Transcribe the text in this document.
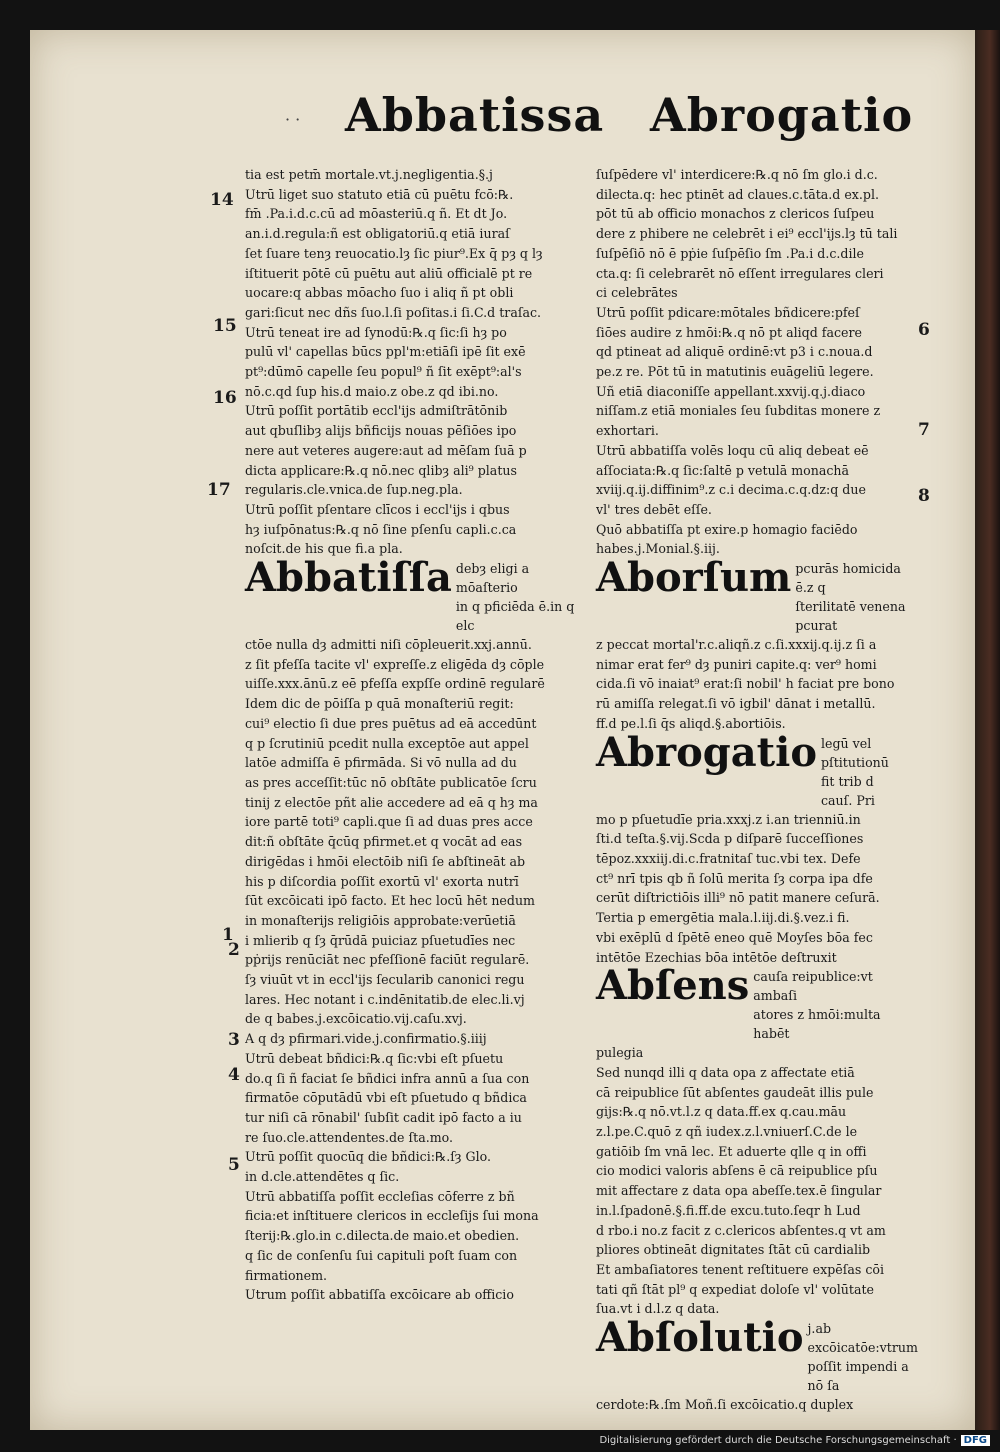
· · Abbatissa Abrogatio
14
15
16
17
1
2
3
4
5
6
7
8

tia est petm̄ mortale.vt.j.negligentia.§.j

Utrū liget suo statuto etiā cū puētu fcō:℞.

fm̄ .Pa.i.d.c.cū ad mōasteriū.q ñ. Et dt Jo.

an.i.d.regula:ñ est obligatoriū.q etiā iuraſ

ſet ſuare tenȝ reuocatio.lȝ ſic piur⁹.Ex q̄ pȝ q lȝ

iſtituerit pōtē cū puētu aut aliū officialē pt re

uocare:q abbas mōacho ſuo i aliq ñ pt obli

gari:ſicut nec dñs ſuo.l.ſi poſitas.i ſi.C.d traſac.

Utrū teneat ire ad ſynodū:℞.q ſic:ſi hȝ po

pulū vl' capellas būcs ppl'm:etiāſi ipē ſit exē

pt⁹:dūmō capelle ſeu popul⁹ ñ ſit exēpt⁹:al's

nō.c.qd ſup his.d maio.z obe.z qd ibi.no.

Utrū poſſit portātib eccl'ijs admiſtrātōnib

aut qbuſlibȝ alijs bñficijs nouas pēſiōes ipo

nere aut veteres augere:aut ad mēſam ſuā p

dicta applicare:℞.q nō.nec qlibȝ ali⁹ platus

regularis.cle.vnica.de ſup.neg.pla.

Utrū poſſit pſentare clīcos i eccl'ijs i qbus

hȝ iuſpōnatus:℞.q nō ſine pſenſu capli.c.ca

noſcit.de his que fi.a pla.

Abbatiſſa debȝ eligi a mōaſterio
in q pficiēda ē.in q elc

ctōe nulla dȝ admitti niſi cōpleuerit.xxj.annū.

z ſit pfeſſa tacite vl' expreſſe.z eligēda dȝ cōple

uiſſe.xxx.ānū.z eē pfeſſa expſſe ordinē regularē

Idem dic de pōiſſa p quā monaſteriū regit:

cui⁹ electio ſi due pres puētus ad eā accedūnt

q p ſcrutiniū pcedit nulla exceptōe aut appel

latōe admiſſa ē pfirmāda. Si vō nulla ad du

as pres acceſſit:tūc nō obſtāte publicatōe ſcru

tinij z electōe pñt alie accedere ad eā q hȝ ma

iore partē toti⁹ capli.que ſi ad duas pres acce

dit:ñ obſtāte q̄cūq pfirmet.et q vocāt ad eas

dirigēdas i hmōi electōib niſi ſe abſtineāt ab

his p diſcordia poſſit exortū vl' exorta nutrī

ſūt excōicati ipō facto. Et hec locū hēt nedum

in monaſterijs religiōis approbate:verūetiā

i mlierib q ſȝ q̄rūdā puiciaz pſuetudīes nec

pṗrijs renūciāt nec pfeſſionē faciūt regularē.

ſȝ viuūt vt in eccl'ijs ſecularib canonici regu

lares. Hec notant i c.indēnitatib.de elec.li.vj

de q babes.j.excōicatio.vij.caſu.xvj.

A q dȝ pfirmari.vide.j.confirmatio.§.iiij

Utrū debeat bñdici:℞.q ſic:vbi eſt pſuetu

do.q ſi ñ faciat ſe bñdici infra annū a ſua con

firmatōe cōputādū vbi eſt pſuetudo q bñdica

tur niſi cā rōnabil' ſubſit cadit ipō facto a iu

re ſuo.cle.attendentes.de ſta.mo.

Utrū poſſit quocūq die bñdici:℞.ſȝ Glo.

in d.cle.attendētes q ſic.

Utrū abbatiſſa poſſit eccleſias cōferre z bñ

ficia:et inſtituere clericos in eccleſijs ſui mona

ſterij:℞.glo.in c.dilecta.de maio.et obedien.

q ſic de conſenſu ſui capituli poſt ſuam con

firmationem.

Utrum poſſit abbatiſſa excōicare ab officio

ſuſpēdere vl' interdicere:℞.q nō ſm glo.i d.c.

dilecta.q: hec ptinēt ad claues.c.tāta.d ex.pl.

pōt tū ab officio monachos z clericos ſuſpeu

dere z phibere ne celebrēt i ei⁹ eccl'ijs.lȝ tū tali

ſuſpēſiō nō ē pṗie ſuſpēſio ſm .Pa.i d.c.dile

cta.q: ſi celebrarēt nō eſſent irregulares cleri

ci celebrātes

Utrū poſſit pdicare:mōtales bñdicere:pfeſ

ſiōes audire z hmōi:℞.q nō pt aliqd facere

qd ptineat ad aliquē ordinē:vt p3 i c.noua.d

pe.z re. Pōt tū in matutinis euāgeliū legere.

Uñ etiā diaconiſſe appellant.xxvij.q.j.diaco

niſſam.z etiā moniales ſeu ſubditas monere z

exhortari.

Utrū abbatiſſa volēs loqu cū aliq debeat eē

aſſociata:℞.q ſic:ſaltē p vetulā monachā

xviij.q.ij.diffinim⁹.z c.i decima.c.q.dz:q due

vl' tres debēt eſſe.

Quō abbatiſſa pt exire.p homagio faciēdo

habes.j.Monial.§.iij.

Aborſum pcurās homicida ē.z q
ſterilitatē venena pcurat

z peccat mortal'r.c.aliqñ.z c.ſi.xxxij.q.ij.z ſi a

nimar erat fer⁹ dȝ puniri capite.q: ver⁹ homi

cida.ſi vō inaiat⁹ erat:ſi nobil' h faciat pre bono

rū amiſſa relegat.ſi vō igbil' dānat i metallū.

ff.d pe.l.ſi q̄s aliqd.§.abortiōis.

Abrogatio legū vel pſtitutionū
fit trib d cauſ. Pri

mo p pſuetudīe pria.xxxj.z i.an trienniū.in

ſti.d teſta.§.vij.Scda p diſparē ſucceſſiones

tēpoz.xxxiij.di.c.fratnitaſ tuc.vbi tex. Defe

ct⁹ nrī tpis qb ñ ſolū merita ſȝ corpa ipa dfe

cerūt diſtrictiōis illi⁹ nō patit manere ceſurā.

Tertia p emergētia mala.l.iij.di.§.vez.i fi.

vbi exēplū d ſpētē eneo quē Moyſes bōa fec

intētōe Ezechias bōa intētōe deſtruxit

Abſens cauſa reipublice:vt ambaſi
atores z hmōi:multa habēt

pulegia

Sed nunqd illi q data opa z affectate etiā

cā reipublice ſūt abſentes gaudeāt illis pule

gijs:℞.q nō.vt.l.z q data.ff.ex q.cau.māu

z.l.pe.C.quō z qñ iudex.z.l.vniuerſ.C.de le

gatiōib ſm vnā lec. Et aduerte qlle q in offi

cio modici valoris abſens ē cā reipublice pſu

mit affectare z data opa abeſſe.tex.ē ſingular

in.l.ſpadonē.§.fi.ff.de excu.tuto.ſeqr h Lud

d rbo.i no.z facit z c.clericos abſentes.q vt am

pliores obtineāt dignitates ſtāt cū cardialib

Et ambaſiatores tenent reſtituere expēſas cōi

tati qñ ſtāt pl⁹ q expediat doloſe vl' volūtate

ſua.vt i d.l.z q data.

Abſolutio j.ab excōicatōe:vtrum
poſſit impendi a nō ſa

cerdote:℞.ſm Moñ.ſi excōicatio.q duplex

Digitalisierung gefördert durch die Deutsche Forschungsgemeinschaft · DFG
